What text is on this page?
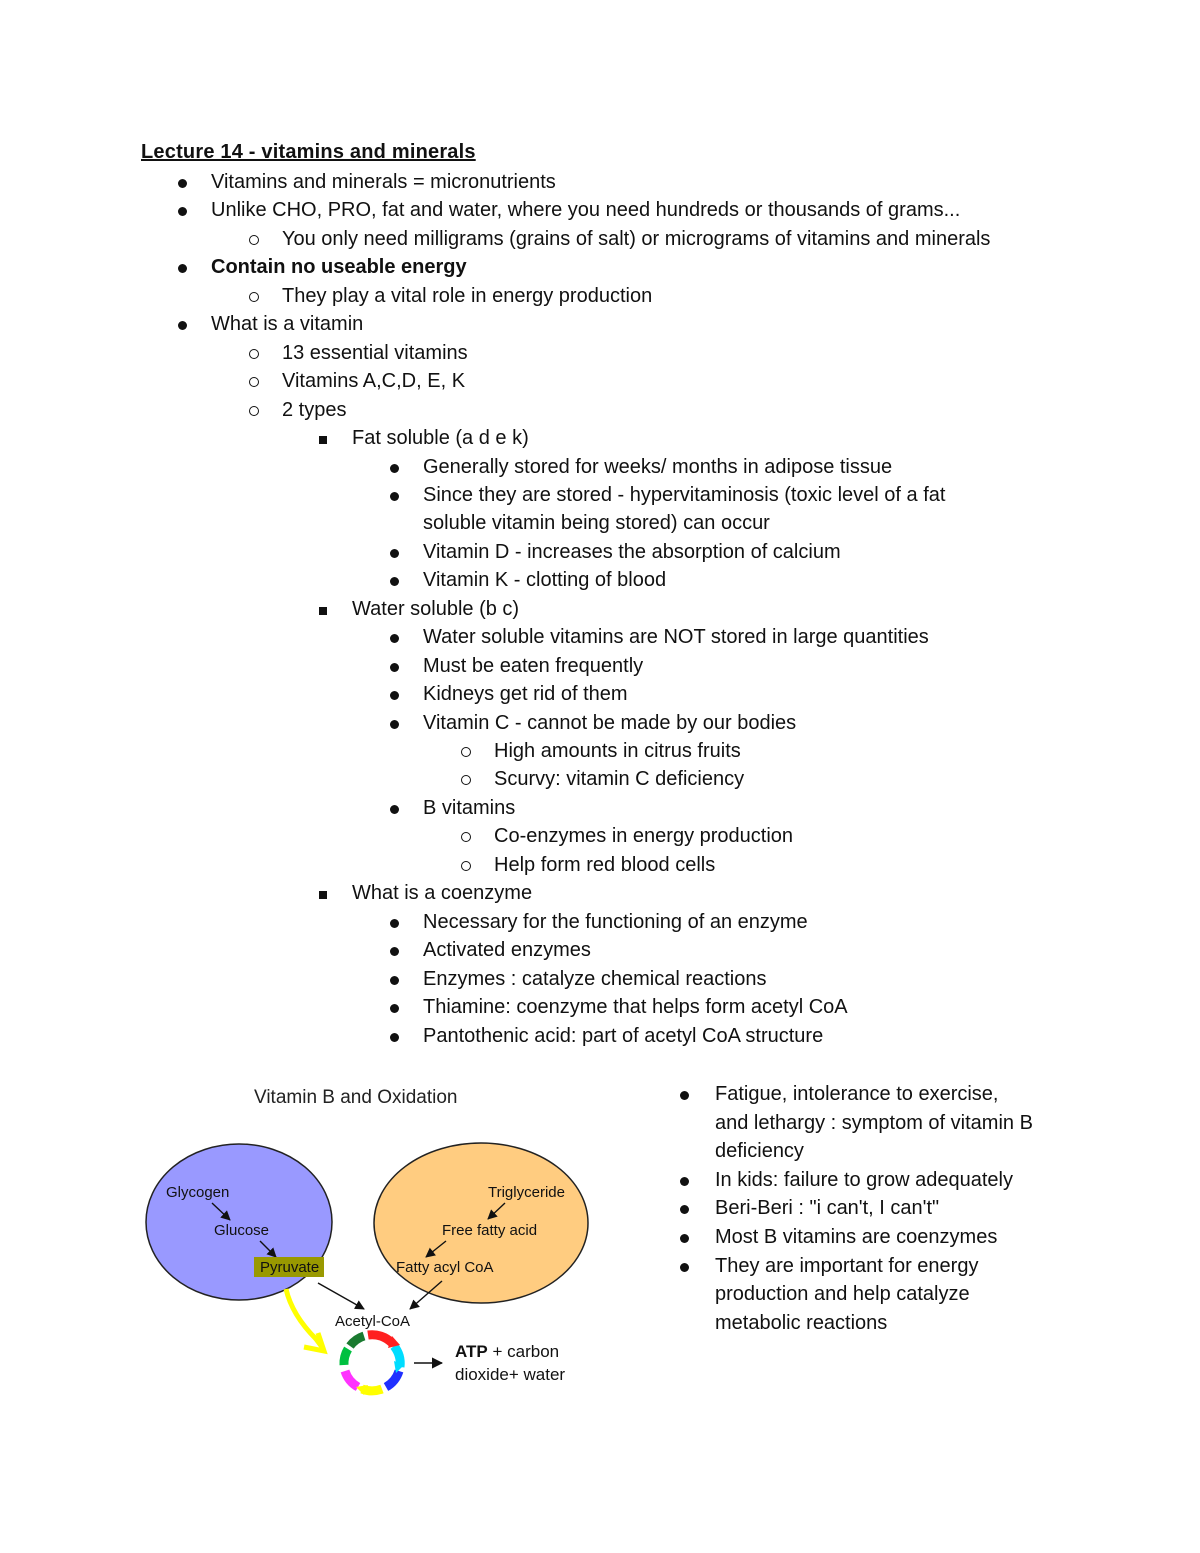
Lecture 14 - vitamins and minerals
Vitamins and minerals = micronutrients
Unlike CHO, PRO, fat and water, where you need hundreds or thousands of grams...
You only need milligrams (grains of salt) or micrograms of vitamins and minerals
Contain no useable energy
They play a vital role in energy production
What is a vitamin
13 essential vitamins
Vitamins A,C,D, E, K
2 types
Fat soluble (a d e k)
Generally stored for weeks/ months in adipose tissue
Since they are stored - hypervitaminosis (toxic level of a fat
soluble vitamin being stored) can occur
Vitamin D - increases the absorption of calcium
Vitamin K - clotting of blood
Water soluble (b c)
Water soluble vitamins are NOT stored in large quantities
Must be eaten frequently
Kidneys get rid of them
Vitamin C - cannot be made by our bodies
High amounts in citrus fruits
Scurvy: vitamin C deficiency
B vitamins
Co-enzymes in energy production
Help form red blood cells
What is a coenzyme
Necessary for the functioning of an enzyme
Activated enzymes
Enzymes : catalyze chemical reactions
Thiamine: coenzyme that helps form acetyl CoA
Pantothenic acid: part of acetyl CoA structure
Vitamin B and Oxidation
Glycogen
Glucose
Pyruvate
Triglyceride
Free fatty acid
Fatty acyl CoA
Acetyl-CoA
ATP + carbon
dioxide+ water
Fatigue, intolerance to exercise,
and lethargy : symptom of vitamin B
deficiency
In kids: failure to grow adequately
Beri-Beri : "i can't, I can't"
Most B vitamins are coenzymes
They are important for energy
production and help catalyze
metabolic reactions
